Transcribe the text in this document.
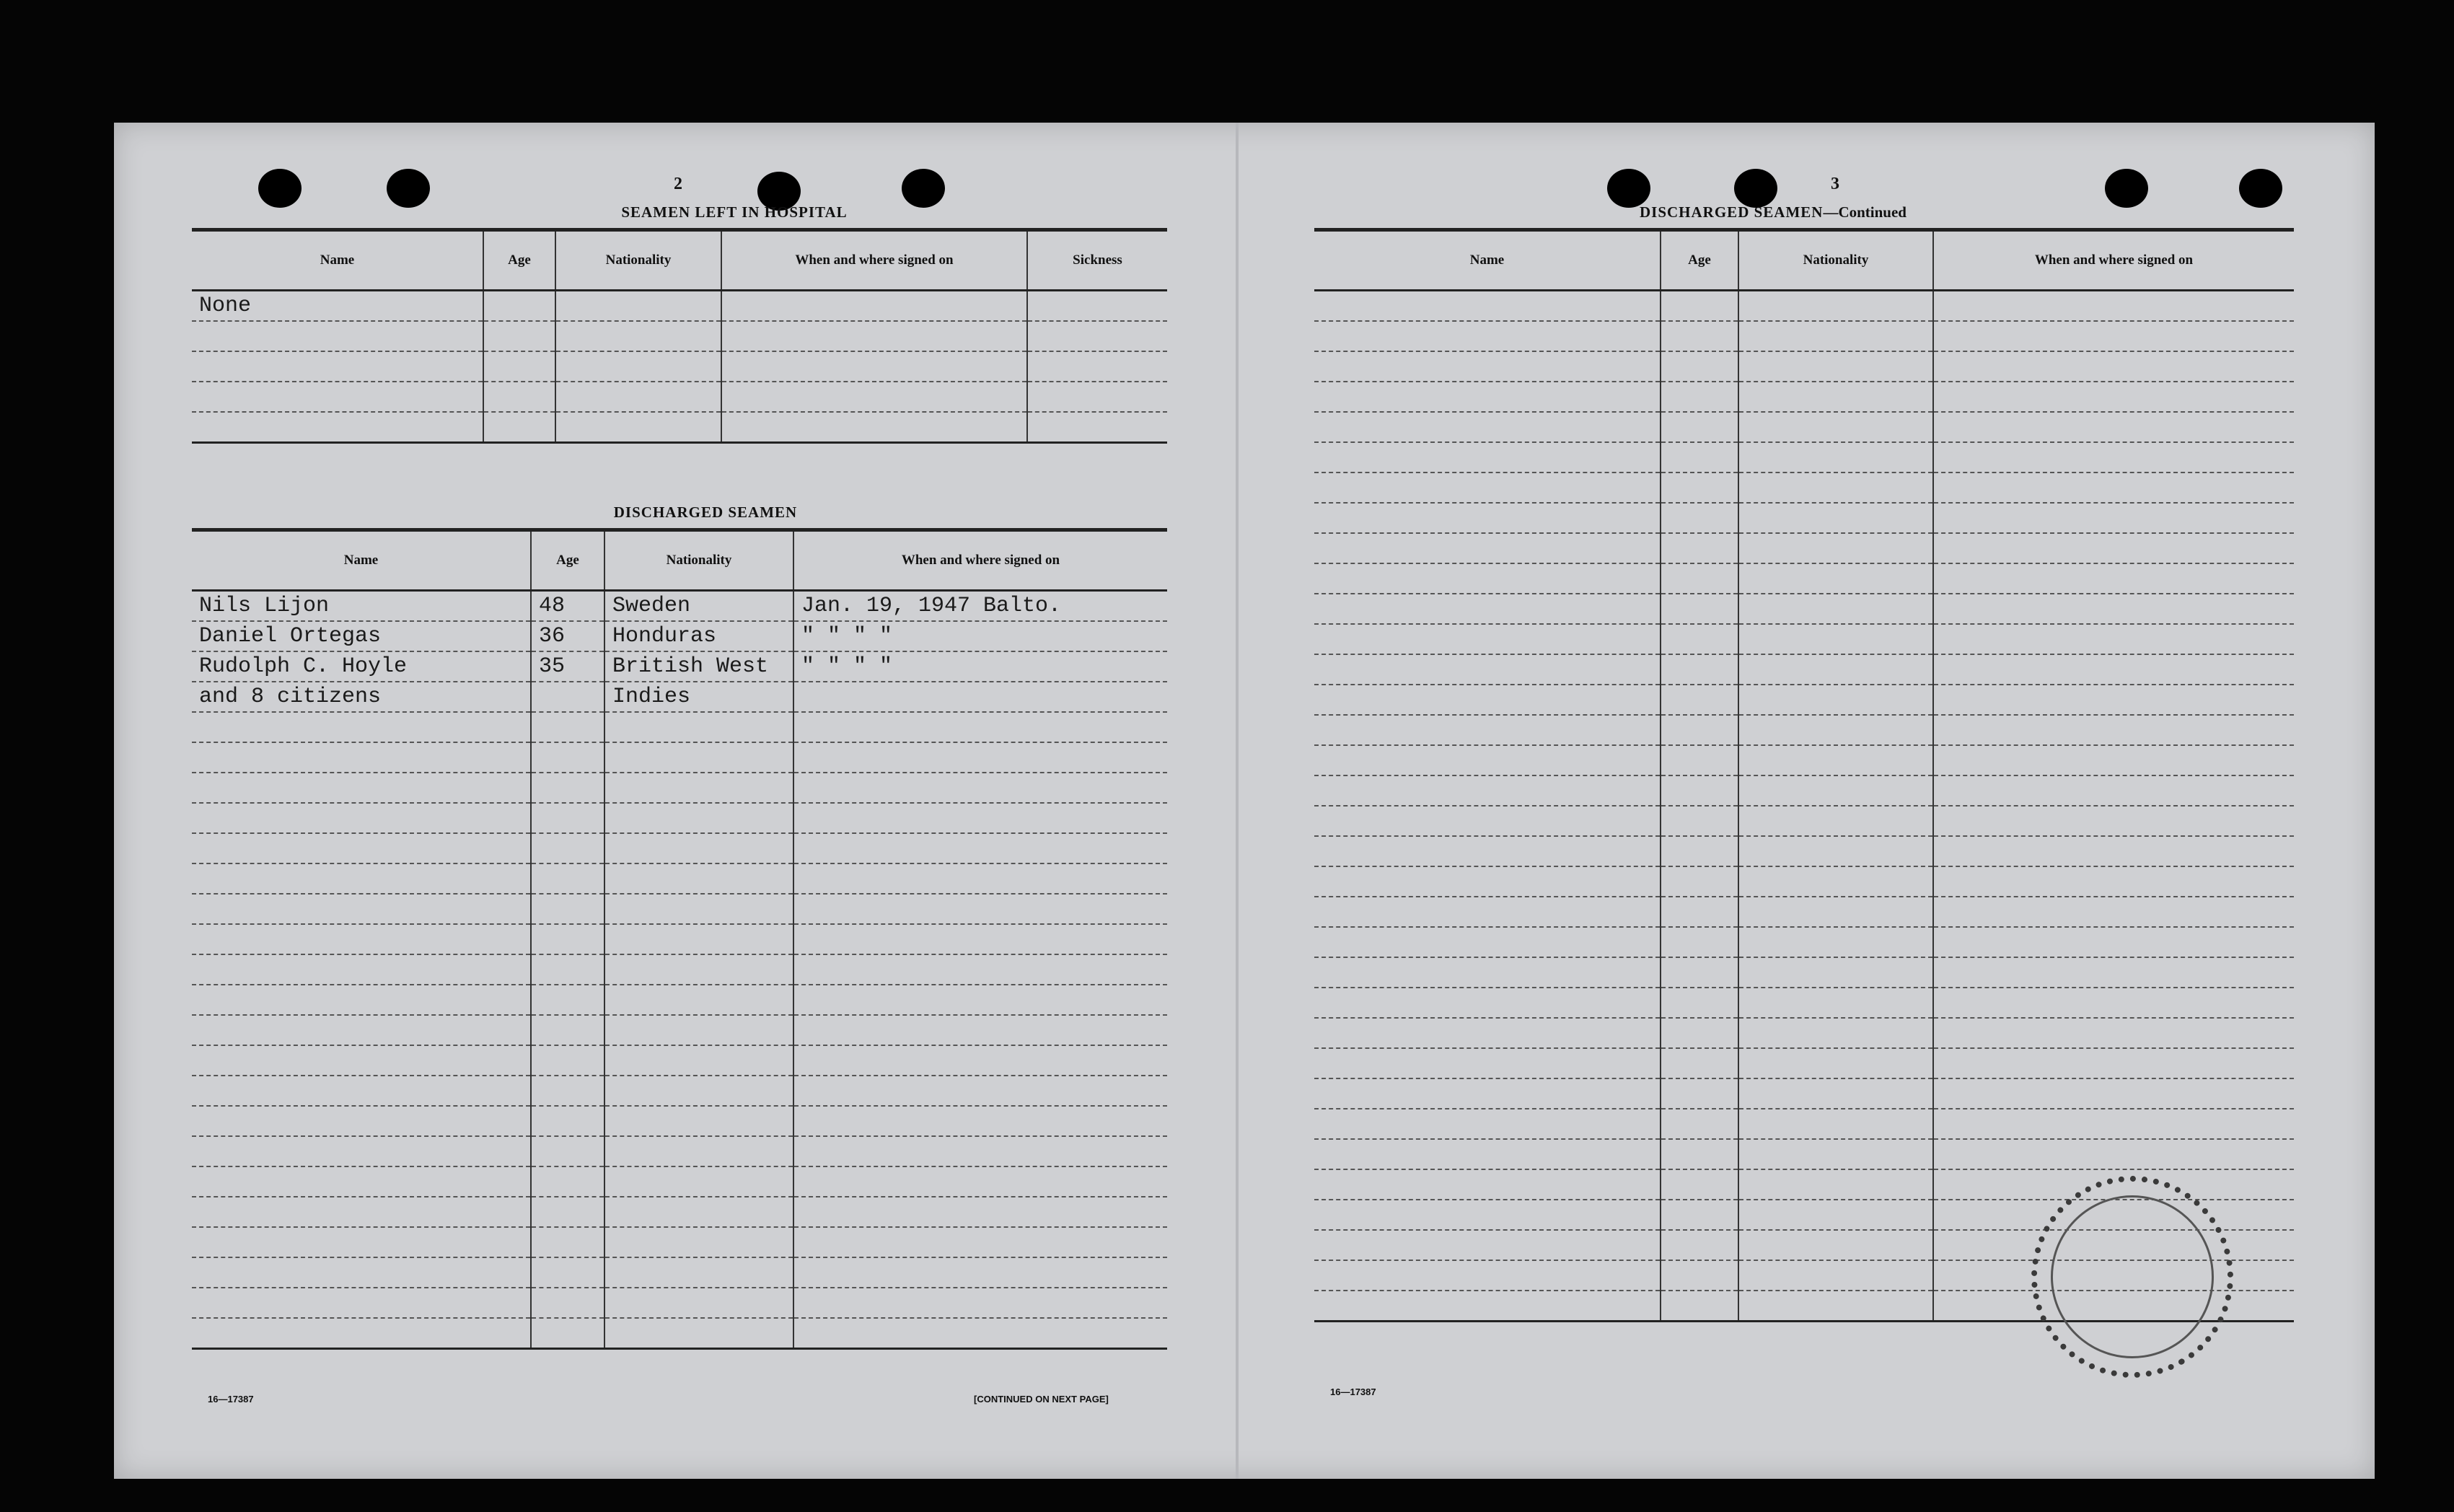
2
SEAMEN LEFT IN HOSPITAL
Name	Age	Nationality	When and where signed on	Sickness
None				

DISCHARGED SEAMEN
Name	Age	Nationality	When and where signed on
Nils Lijon	48	Sweden	Jan. 19, 1947 Balto.
Daniel Ortegas	36	Honduras	" " " "
Rudolph C. Hoyle	35	British West	" " " "
and 8 citizens		Indies	

16—17387	[CONTINUED ON NEXT PAGE]
3
DISCHARGED SEAMEN—Continued
Name	Age	Nationality	When and where signed on

16—17387
